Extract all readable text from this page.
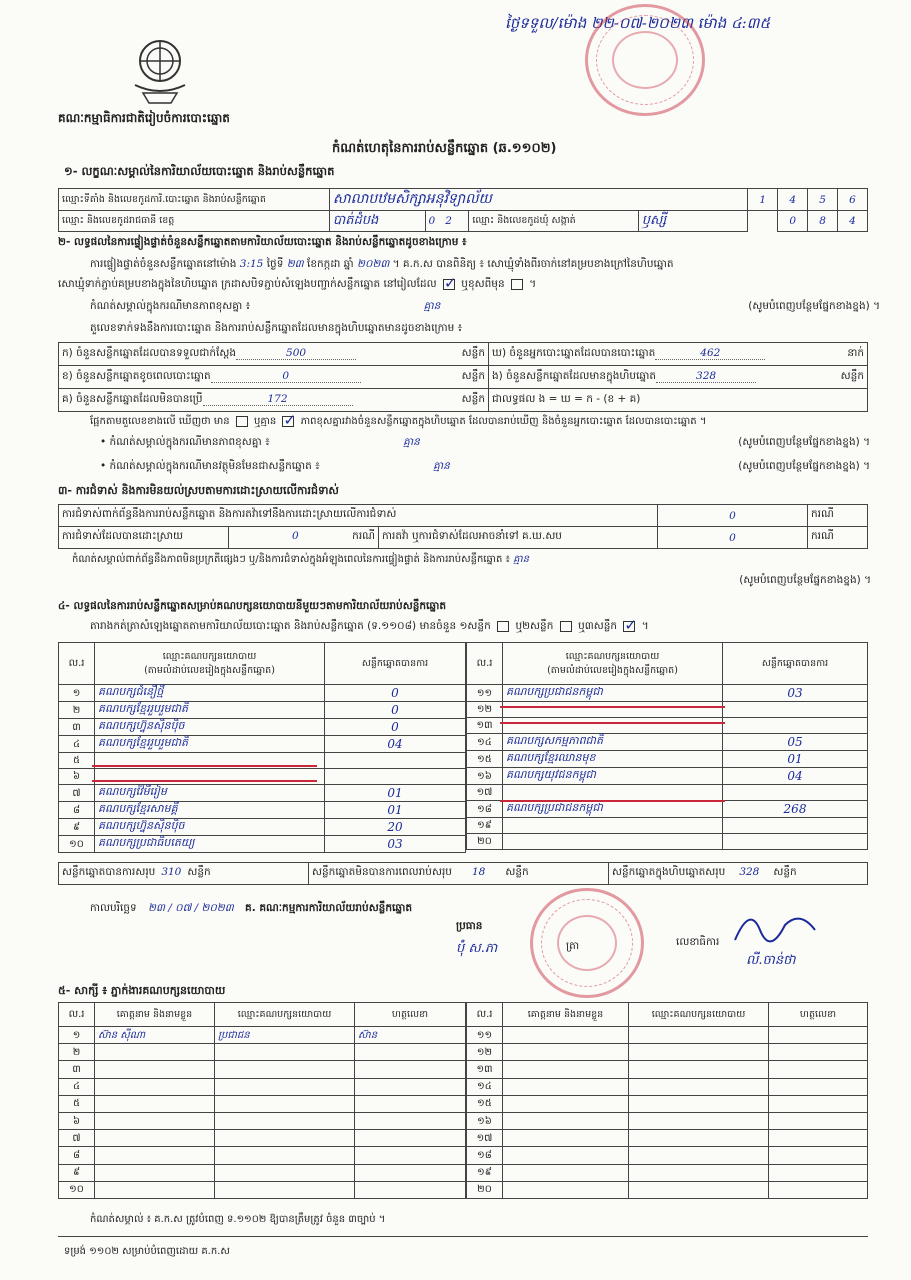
ថ្ងៃទទួល/ម៉ោង ២២-០៧-២០២៣ ម៉ោង ៤:៣៥
គណៈកម្មាធិការជាតិរៀបចំការបោះឆ្នោត
កំណត់ហេតុនៃការរាប់សន្លឹកឆ្នោត (ឆ.១១០២)
១- លក្ខណៈសម្គាល់នៃការិយាល័យបោះឆ្នោត និងរាប់សន្លឹកឆ្នោត
ឈ្មោះទីតាំង និងលេខកូដការិ.បោះឆ្នោត និងរាប់សន្លឹកឆ្នោត	សាលាបឋមសិក្សាអនុវិទ្យាល័យ				1	4	5	6
ឈ្មោះ និងលេខកូដរាជធានី ខេត្ត	បាត់ដំបង	0 2	ឈ្មោះ និងលេខកូដឃុំ សង្កាត់	ឫស្សី		0	8	4
២- លទ្ធផលនៃការផ្ទៀងផ្ទាត់ចំនួនសន្លឹកឆ្នោតតាមការិយាល័យបោះឆ្នោត និងរាប់សន្លឹកឆ្នោតដូចខាងក្រោម ៖
ការផ្ទៀងផ្ទាត់ចំនួនសន្លឹកឆ្នោតនៅម៉ោង 3:15 ថ្ងៃទី ២៣ ខែកក្កដា ឆ្នាំ ២០២៣ ។ គ.ក.ស បានពិនិត្យ ៖ សោឃ្មុំទាំងពីរចាក់នៅគម្របខាងក្រៅនៃហិបឆ្នោត
សោឃ្មុំទាក់ភ្ជាប់គម្របខាងក្នុងនៃហិបឆ្នោត ក្រដាសបិទភ្ជាប់សំឡេងបញ្ជាក់សន្លឹកឆ្នោត នៅរៀលដែល ✓ ឬខុសពីមុន  ។
កំណត់សម្គាល់ក្នុងករណីមានភាពខុសគ្នា ៖	គ្មាន	(សូមបំពេញបន្ថែមផ្នែកខាងខ្នង) ។
តួលេខទាក់ទងនឹងការបោះឆ្នោត និងការរាប់សន្លឹកឆ្នោតដែលមានក្នុងហិបឆ្នោតមានដូចខាងក្រោម ៖
ក) ចំនួនសន្លឹកឆ្នោតដែលបានទទួលជាក់ស្តែង 500 សន្លឹក	ឃ) ចំនួនអ្នកបោះឆ្នោតដែលបានបោះឆ្នោត 462 នាក់

ខ) ចំនួនសន្លឹកឆ្នោតខូចពេលបោះឆ្នោត 0 សន្លឹក	ង) ចំនួនសន្លឹកឆ្នោតដែលមានក្នុងហិបឆ្នោត 328 សន្លឹក

គ) ចំនួនសន្លឹកឆ្នោតដែលមិនបានប្រើ 172 សន្លឹក	ជាលទ្ធផល ង = ឃ = ក - (ខ + គ)
ផ្អែកតាមតួលេខខាងលើ ឃើញថា មាន ឬគ្មាន ✓ ភាពខុសគ្នារវាងចំនួនសន្លឹកឆ្នោតក្នុងហិបឆ្នោត ដែលបានរាប់ឃើញ និងចំនួនអ្នកបោះឆ្នោត ដែលបានបោះឆ្នោត ។
• កំណត់សម្គាល់ក្នុងករណីមានភាពខុសគ្នា ៖	គ្មាន	(សូមបំពេញបន្ថែមផ្នែកខាងខ្នង) ។
• កំណត់សម្គាល់ក្នុងករណីមានវត្ថុមិនមែនជាសន្លឹកឆ្នោត ៖	គ្មាន	(សូមបំពេញបន្ថែមផ្នែកខាងខ្នង) ។
៣- ការជំទាស់ និងការមិនយល់ស្របតាមការដោះស្រាយលើការជំទាស់
ការជំទាស់ពាក់ព័ន្ធនឹងការរាប់សន្លឹកឆ្នោត និងការតវ៉ាទៅនឹងការដោះស្រាយលើការជំទាស់			0	ករណី
ការជំទាស់ដែលបានដោះស្រាយ	0 ករណី	ការតវ៉ា ឬការជំទាស់ដែលអាចនាំទៅ គ.ឃ.សប	0	ករណី
កំណត់សម្គាល់ពាក់ព័ន្ធនឹងភាពមិនប្រក្រតីផ្សេងៗ ឬ/និងការជំទាស់ក្នុងអំឡុងពេលនៃការផ្ទៀងផ្ទាត់ និងការរាប់សន្លឹកឆ្នោត ៖ គ្មាន
(សូមបំពេញបន្ថែមផ្នែកខាងខ្នង) ។
៤- លទ្ធផលនៃការរាប់សន្លឹកឆ្នោតសម្រាប់គណបក្សនយោបាយនីមួយៗតាមការិយាល័យរាប់សន្លឹកឆ្នោត
តារាងកត់ត្រាសំឡេងឆ្នោតតាមការិយាល័យបោះឆ្នោត និងរាប់សន្លឹកឆ្នោត (ទ.១១០៨) មានចំនួន ១សន្លឹក ឬ២សន្លឹក ឬ៣សន្លឹក ✓ ។
ល.រ	ឈ្មោះគណបក្សនយោបាយ
(តាមលំដាប់លេខរៀងក្នុងសន្លឹកឆ្នោត)	សន្លឹកឆ្នោតបានការ
១	គណបក្សជំនឿថ្មី	0
២	គណបក្សខ្មែររួបរួមជាតិ	0
៣	គណបក្សហ្វ៊ុនស៊ិនប៉ិច	0
៤	គណបក្សខ្មែររួបរួមជាតិ	04
៥		
៦		
៧	គណបក្សវ៉ៃមីរៀម	01
៨	គណបក្សខ្មែរសាមគ្គី	01
៩	គណបក្សហ្វ៊ុនស៊ិនប៉ិច	20
១០	គណបក្សប្រជាធិបតេយ្យ	03
ល.រ	ឈ្មោះគណបក្សនយោបាយ
(តាមលំដាប់លេខរៀងក្នុងសន្លឹកឆ្នោត)	សន្លឹកឆ្នោតបានការ
១១	គណបក្សប្រជាជនកម្ពុជា	03
១២		
១៣		
១៤	គណបក្សសកម្មភាពជាតិ	05
១៥	គណបក្សខ្មែរឈានមុខ	01
១៦	គណបក្សយុវជនកម្ពុជា	04
១៧		
១៨	គណបក្សប្រជាជនកម្ពុជា	268
១៩		
២០		
សន្លឹកឆ្នោតបានការសរុប 310 សន្លឹក	សន្លឹកឆ្នោតមិនបានការពេលរាប់សរុប 18 សន្លឹក	សន្លឹកឆ្នោតក្នុងហិបឆ្នោតសរុប 328 សន្លឹក
កាលបរិច្ឆេទ ២៣ / ០៧ / ២០២៣ គ. គណៈកម្មការការិយាល័យរាប់សន្លឹកឆ្នោត
ប្រធាន
ប៉ុំ ស.ភា	ត្រា	លេខាធិការ
លី.ចាន់ថា
៥- សាក្សី ៖ ភ្នាក់ងារគណបក្សនយោបាយ
ល.រ	គោត្តនាម និងនាមខ្លួន	ឈ្មោះគណបក្សនយោបាយ	ហត្ថលេខា
១	ស៊ាន ស៊ីណា	ប្រជាជន	ស៊ាន
២			
៣			
៤			
៥			
៦			
៧			
៨			
៩			
១០			
ល.រ	គោត្តនាម និងនាមខ្លួន	ឈ្មោះគណបក្សនយោបាយ	ហត្ថលេខា
១១			
១២			
១៣			
១៤			
១៥			
១៦			
១៧			
១៨			
១៩			
២០			
កំណត់សម្គាល់ ៖ គ.ក.ស ត្រូវបំពេញ ទ.១១០២ ឱ្យបានត្រឹមត្រូវ ចំនួន ៣ច្បាប់ ។
ទម្រង់ ១១០២ សម្រាប់បំពេញដោយ គ.ក.ស
